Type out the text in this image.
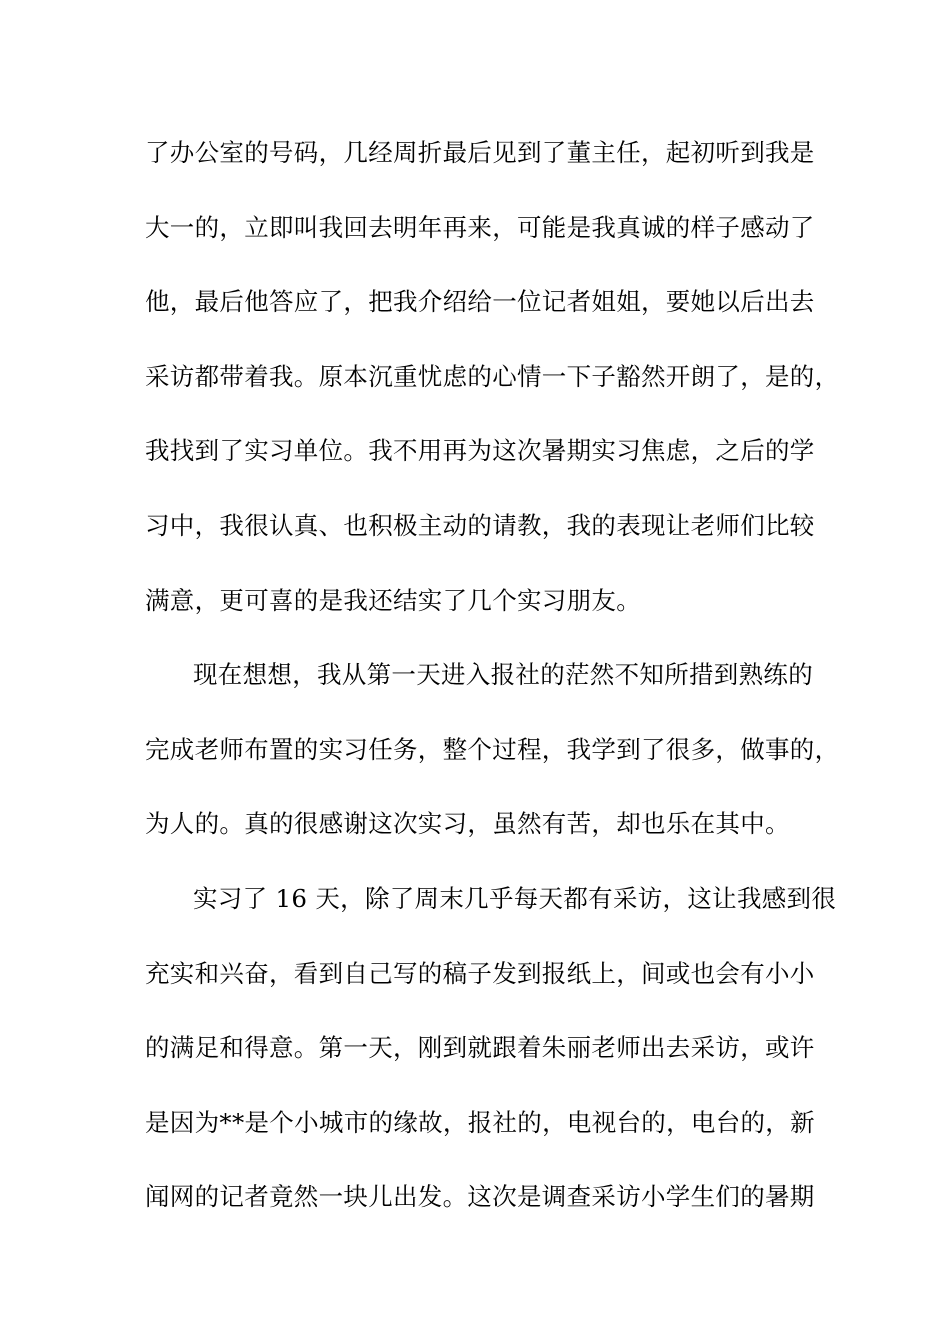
了办公室的号码，几经周折最后见到了董主任，起初听到我是
大一的，立即叫我回去明年再来，可能是我真诚的样子感动了
他，最后他答应了，把我介绍给一位记者姐姐，要她以后出去
采访都带着我。原本沉重忧虑的心情一下子豁然开朗了，是的，
我找到了实习单位。我不用再为这次暑期实习焦虑，之后的学
习中，我很认真、也积极主动的请教，我的表现让老师们比较
满意，更可喜的是我还结实了几个实习朋友。
现在想想，我从第一天进入报社的茫然不知所措到熟练的
完成老师布置的实习任务，整个过程，我学到了很多，做事的，
为人的。真的很感谢这次实习，虽然有苦，却也乐在其中。
实习了 16 天，除了周末几乎每天都有采访，这让我感到很
充实和兴奋，看到自己写的稿子发到报纸上，间或也会有小小
的满足和得意。第一天，刚到就跟着朱丽老师出去采访，或许
是因为**是个小城市的缘故，报社的，电视台的，电台的，新
闻网的记者竟然一块儿出发。这次是调查采访小学生们的暑期
